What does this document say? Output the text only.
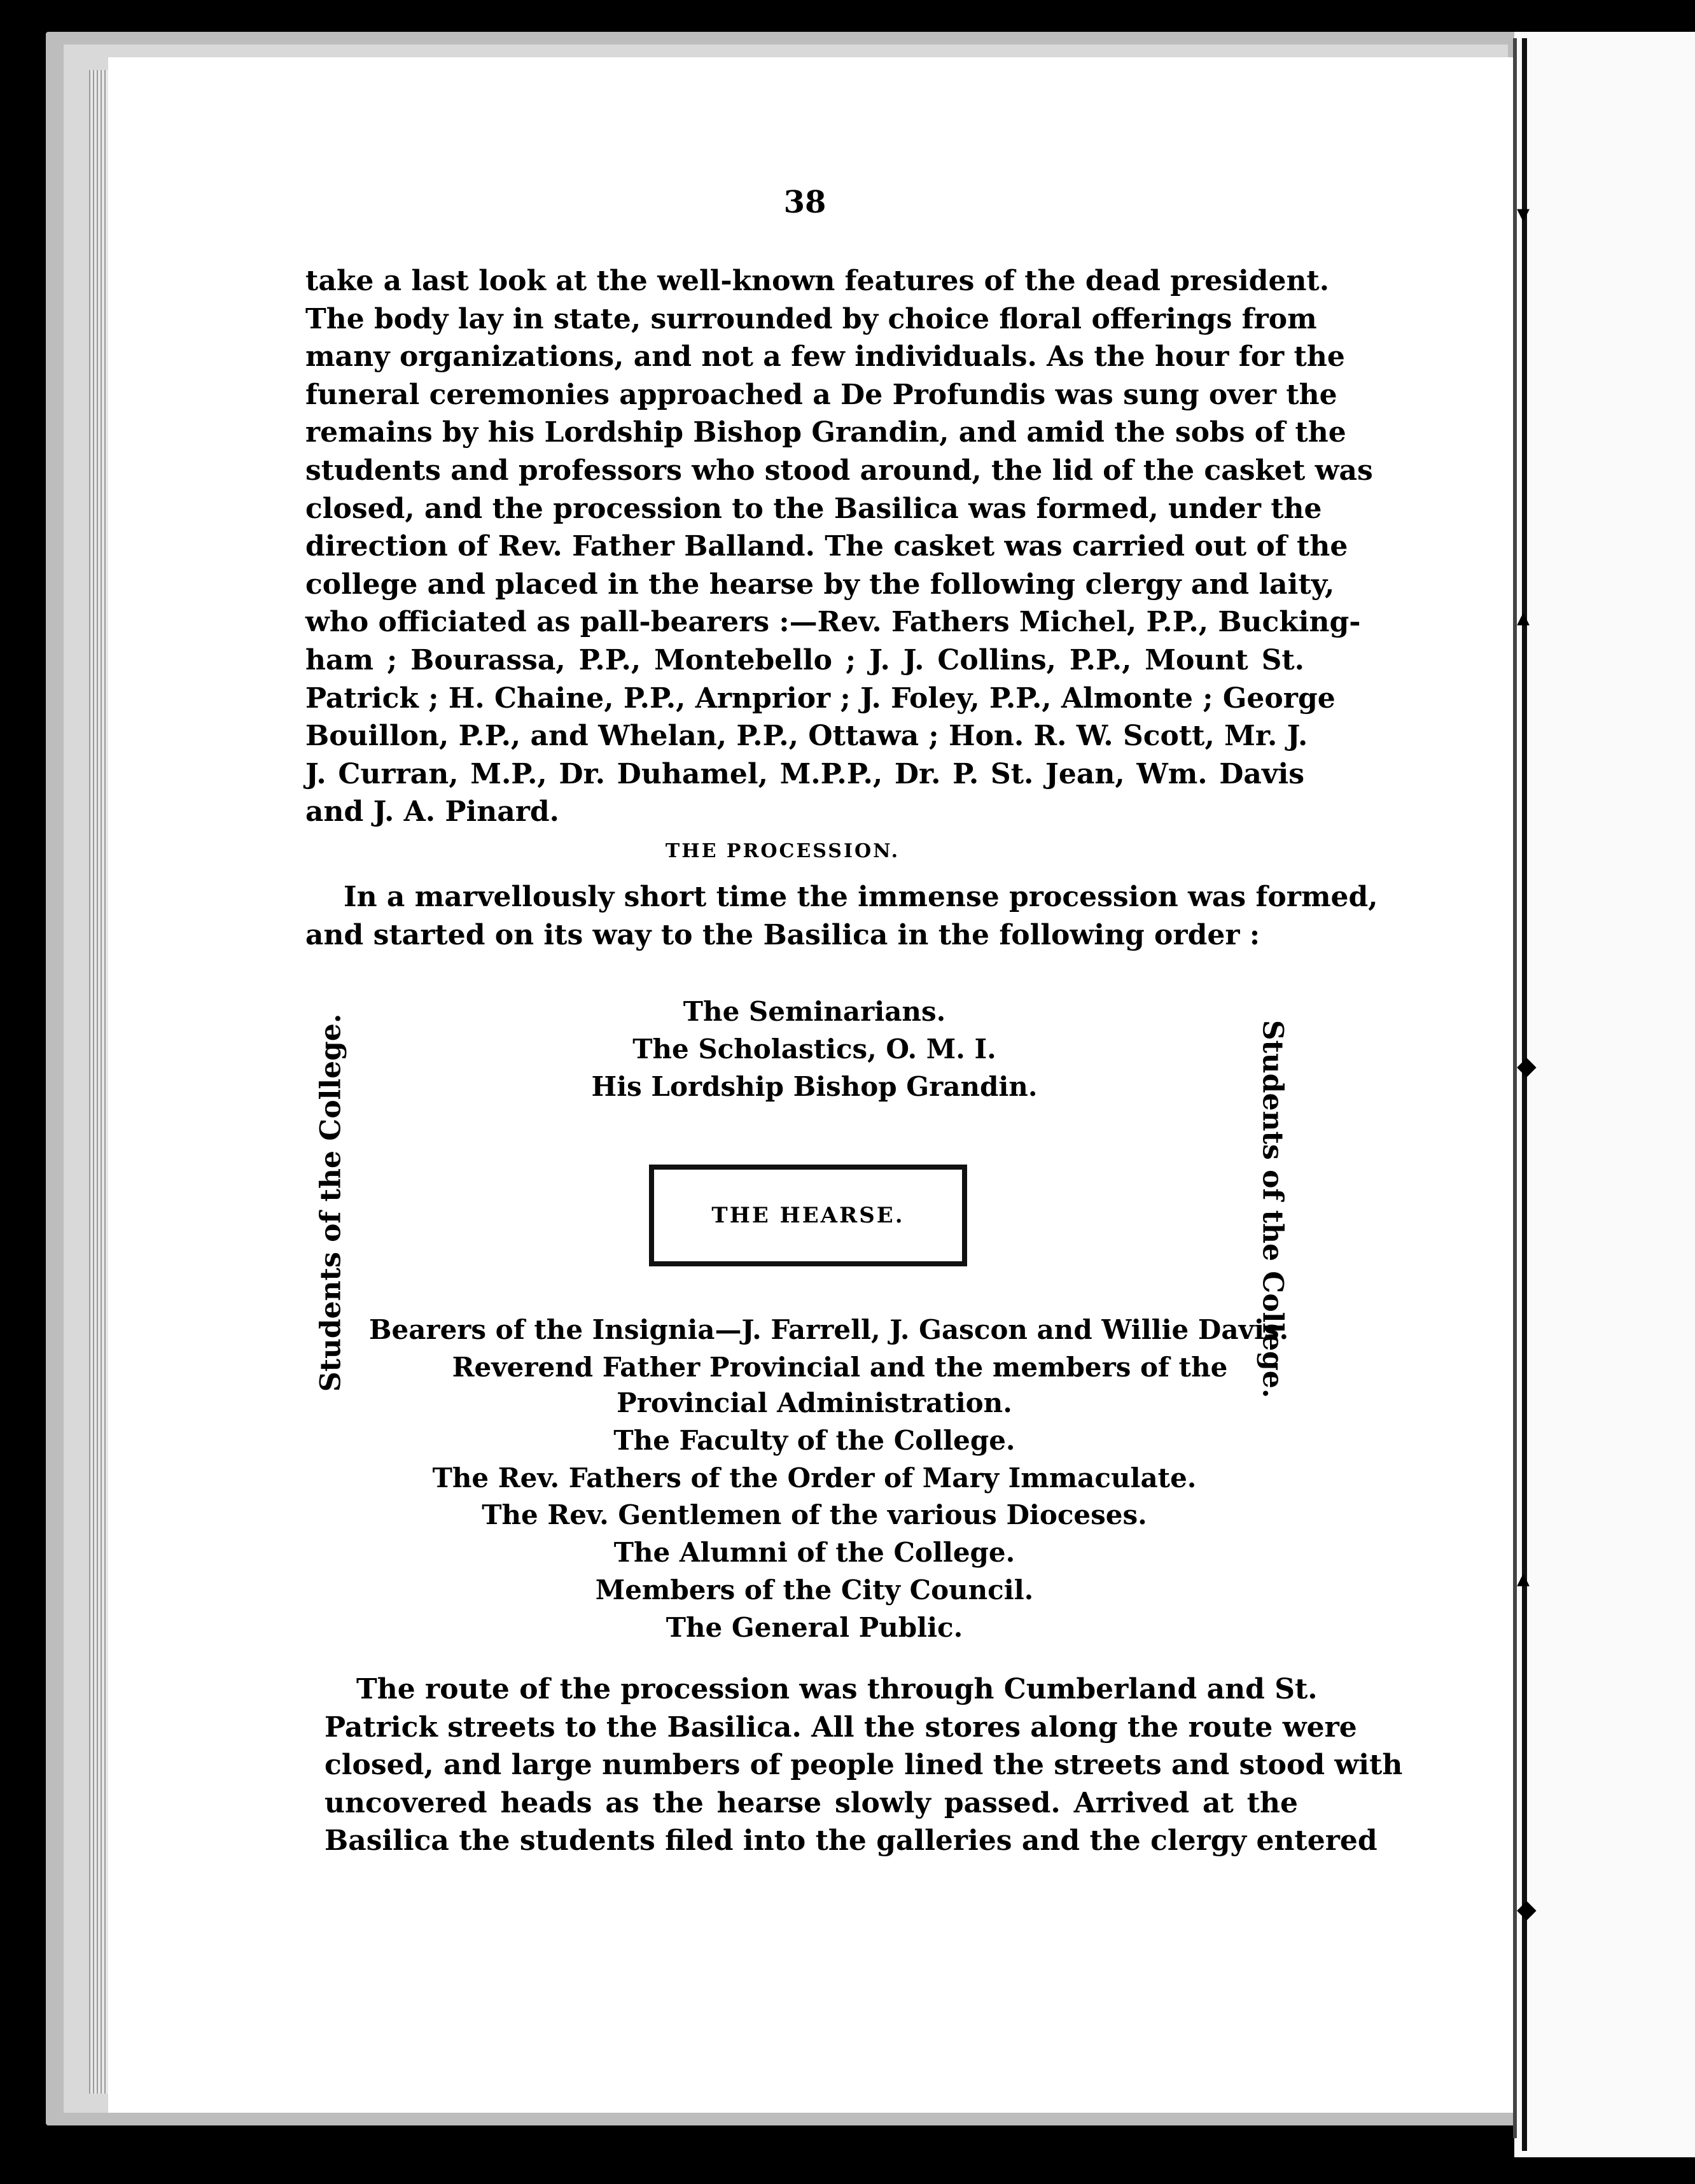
▾
▴
◆
▴
◆
38
take a last look at the well-known features of the dead president.
The body lay in state, surrounded by choice floral offerings from
many organizations, and not a few individuals. As the hour for the
funeral ceremonies approached a De Profundis was sung over the
remains by his Lordship Bishop Grandin, and amid the sobs of the
students and professors who stood around, the lid of the casket was
closed, and the procession to the Basilica was formed, under the
direction of Rev. Father Balland. The casket was carried out of the
college and placed in the hearse by the following clergy and laity,
who officiated as pall-bearers :—Rev. Fathers Michel, P.P., Bucking-
ham ; Bourassa, P.P., Montebello ; J. J. Collins, P.P., Mount St.
Patrick ; H. Chaine, P.P., Arnprior ; J. Foley, P.P., Almonte ; George
Bouillon, P.P., and Whelan, P.P., Ottawa ; Hon. R. W. Scott, Mr. J.
J. Curran, M.P., Dr. Duhamel, M.P.P., Dr. P. St. Jean, Wm. Davis
and J. A. Pinard.
THE PROCESSION.
In a marvellously short time the immense procession was formed,
and started on its way to the Basilica in the following order :
The Seminarians.
The Scholastics, O. M. I.
His Lordship Bishop Grandin.
THE HEARSE.
Students of the College.	Students of the College.
Bearers of the Insignia—J. Farrell, J. Gascon and Willie Davis.
Reverend Father Provincial and the members of the
Provincial Administration.
The Faculty of the College.
The Rev. Fathers of the Order of Mary Immaculate.
The Rev. Gentlemen of the various Dioceses.
The Alumni of the College.
Members of the City Council.
The General Public.
The route of the procession was through Cumberland and St.
Patrick streets to the Basilica. All the stores along the route were
closed, and large numbers of people lined the streets and stood with
uncovered heads as the hearse slowly passed. Arrived at the
Basilica the students filed into the galleries and the clergy entered
